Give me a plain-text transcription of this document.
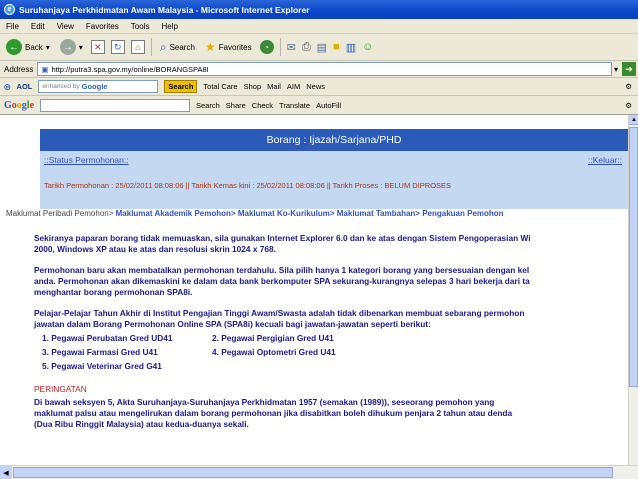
e Suruhanjaya Perkhidmatan Awam Malaysia - Microsoft Internet Explorer
File Edit View Favorites Tools Help
← Back ▾	→ ▾	✕	↻	⌂	⌕ Search ★ Favorites	◔	✉ ⎙ ▤ ■ ▥ ☺
Address ▣ http://putra3.spa.gov.my/online/BORANGSPA8I	▾ ➔
◎ AOL enhanced by Google	Search	Total Care Shop Mail AIM News	⚙
Google	Search Share Check Translate AutoFill	⚙
Borang : Ijazah/Sarjana/PHD
::Status Permohonan::	::Keluar::
Tarikh Permohonan : 25/02/2011 08:08:06 || Tarikh Kemas kini : 25/02/2011 08:08:06 || Tarikh Proses : BELUM DIPROSES
Maklumat Peribadi Pemohon> Maklumat Akademik Pemohon> Maklumat Ko-Kurikulum> Maklumat Tambahan> Pengakuan Pemohon

Sekiranya paparan borang tidak memuaskan, sila gunakan Internet Explorer 6.0 dan ke atas dengan Sistem Pengoperasian Wi
2000, Windows XP atau ke atas dan resolusi skrin 1024 x 768.

Permohonan baru akan membatalkan permohonan terdahulu. Sila pilih hanya 1 kategori borang yang bersesuaian dengan kel
anda. Permohonan akan dikemaskini ke dalam data bank berkomputer SPA sekurang-kurangnya selepas 3 hari bekerja dari ta
menghantar borang permohonan SPA8i.

Pelajar-Pelajar Tahun Akhir di Institut Pengajian Tinggi Awam/Swasta adalah tidak dibenarkan membuat sebarang permohon
jawatan dalam Borang Permohonan Online SPA (SPA8i) kecuali bagi jawatan-jawatan seperti berikut:

1. Pegawai Perubatan Gred UD41	2. Pegawai Pergigian Gred U41
3. Pegawai Farmasi Gred U41	4. Pegawai Optometri Gred U41
5. Pegawai Veterinar Gred G41
PERINGATAN

Di bawah seksyen 5, Akta Suruhanjaya-Suruhanjaya Perkhidmatan 1957 (semakan (1989)), seseorang pemohon yang
maklumat palsu atau mengelirukan dalam borang permohonan jika disabitkan boleh dihukum penjara 2 tahun atau denda
(Dua Ribu Ringgit Malaysia) atau kedua-duanya sekali.

▲
◀
